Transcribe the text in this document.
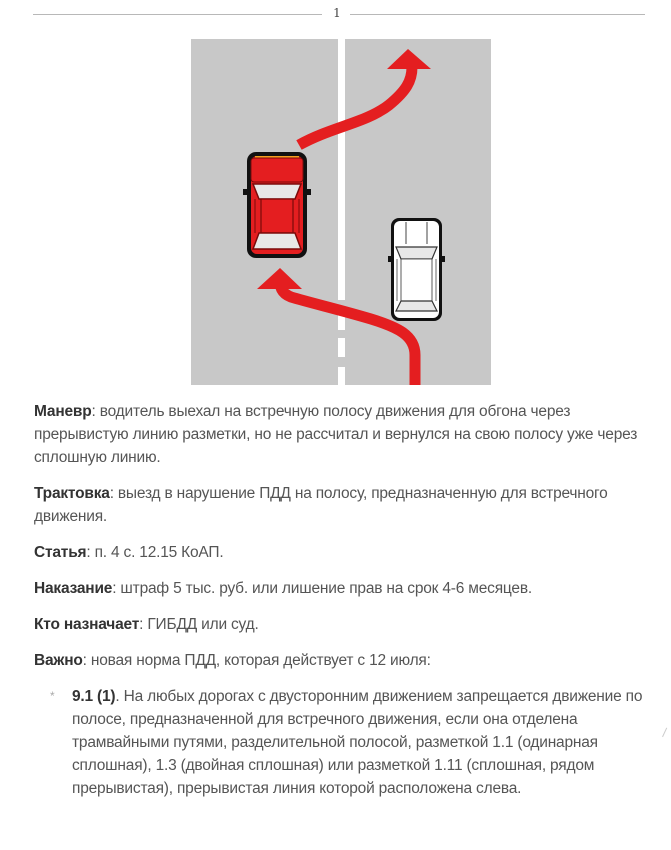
1

Маневр: водитель выехал на встречную полосу движения для обгона через прерывистую линию разметки, но не рассчитал и вернулся на свою полосу уже через сплошную линию.

Трактовка: выезд в нарушение ПДД на полосу, предназначенную для встречного движения.

Статья: п. 4 с. 12.15 КоАП.

Наказание: штраф 5 тыс. руб. или лишение прав на срок 4-6 месяцев.

Кто назначает: ГИБДД или суд.

Важно: новая норма ПДД, которая действует с 12 июля:

* 9.1 (1). На любых дорогах с двусторонним движением запрещается движение по полосе, предназначенной для встречного движения, если она отделена трамвайными путями, разделительной полосой, разметкой 1.1 (одинарная сплошная), 1.3 (двойная сплошная) или разметкой 1.11 (сплошная, рядом прерывистая), прерывистая линия которой расположена слева.
